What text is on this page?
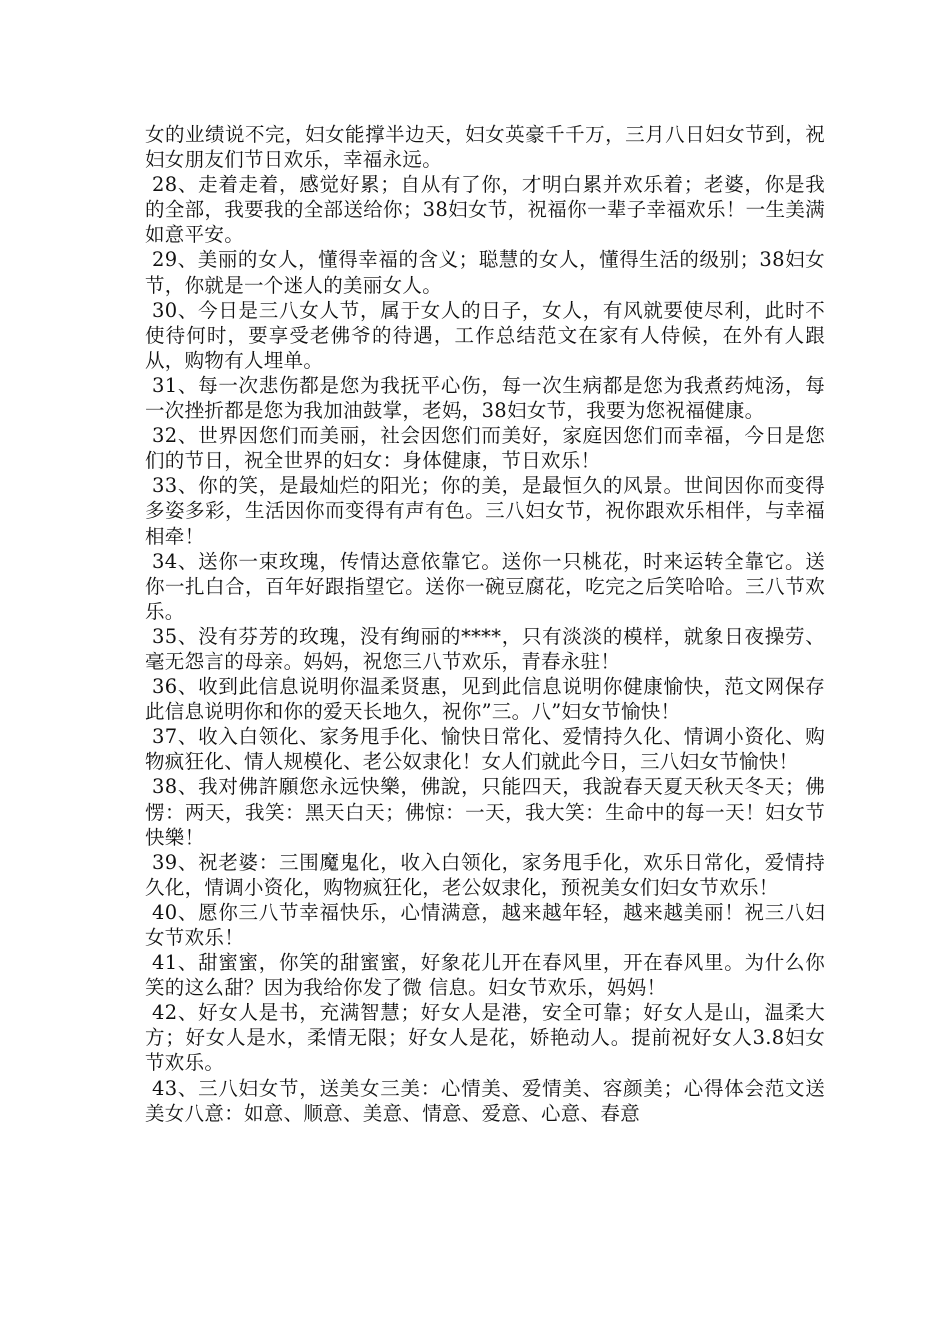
女的业绩说不完，妇女能撑半边天，妇女英豪千千万，三月八日妇女节到，祝妇女朋友们节日欢乐，幸福永远。

28、走着走着，感觉好累；自从有了你，才明白累并欢乐着；老婆，你是我的全部，我要我的全部送给你；38妇女节，祝福你一辈子幸福欢乐！一生美满如意平安。

29、美丽的女人，懂得幸福的含义；聪慧的女人，懂得生活的级别；38妇女节，你就是一个迷人的美丽女人。

30、今日是三八女人节，属于女人的日子，女人，有风就要使尽利，此时不使待何时，要享受老佛爷的待遇，工作总结范文在家有人侍候，在外有人跟从，购物有人埋单。

31、每一次悲伤都是您为我抚平心伤，每一次生病都是您为我煮药炖汤，每一次挫折都是您为我加油鼓掌，老妈，38妇女节，我要为您祝福健康。

32、世界因您们而美丽，社会因您们而美好，家庭因您们而幸福，今日是您们的节日，祝全世界的妇女：身体健康，节日欢乐！

33、你的笑，是最灿烂的阳光；你的美，是最恒久的风景。世间因你而变得多姿多彩，生活因你而变得有声有色。三八妇女节，祝你跟欢乐相伴，与幸福相牵！

34、送你一束玫瑰，传情达意依靠它。送你一只桃花，时来运转全靠它。送你一扎白合，百年好跟指望它。送你一碗豆腐花，吃完之后笑哈哈。三八节欢乐。

35、没有芬芳的玫瑰，没有绚丽的****，只有淡淡的模样，就象日夜操劳、毫无怨言的母亲。妈妈，祝您三八节欢乐，青春永驻！

36、收到此信息说明你温柔贤惠，见到此信息说明你健康愉快，范文网保存此信息说明你和你的爱天长地久，祝你”三。八”妇女节愉快！

37、收入白领化、家务甩手化、愉快日常化、爱情持久化、情调小资化、购物疯狂化、情人规模化、老公奴隶化！女人们就此今日，三八妇女节愉快！

38、我对佛許願您永远快樂，佛說，只能四天，我說春天夏天秋天冬天；佛愣：两天，我笑：黑天白天；佛惊：一天，我大笑：生命中的每一天！妇女节快樂！

39、祝老婆：三围魔鬼化，收入白领化，家务甩手化，欢乐日常化，爱情持久化，情调小资化，购物疯狂化，老公奴隶化，预祝美女们妇女节欢乐！

40、愿你三八节幸福快乐，心情满意，越来越年轻，越来越美丽！祝三八妇女节欢乐！

41、甜蜜蜜，你笑的甜蜜蜜，好象花儿开在春风里，开在春风里。为什么你笑的这么甜？因为我给你发了微 信息。妇女节欢乐，妈妈！

42、好女人是书，充满智慧；好女人是港，安全可靠；好女人是山，温柔大方；好女人是水，柔情无限；好女人是花，娇艳动人。提前祝好女人3.8妇女节欢乐。

43、三八妇女节，送美女三美：心情美、爱情美、容颜美；心得体会范文送美女八意：如意、顺意、美意、情意、爱意、心意、春意
